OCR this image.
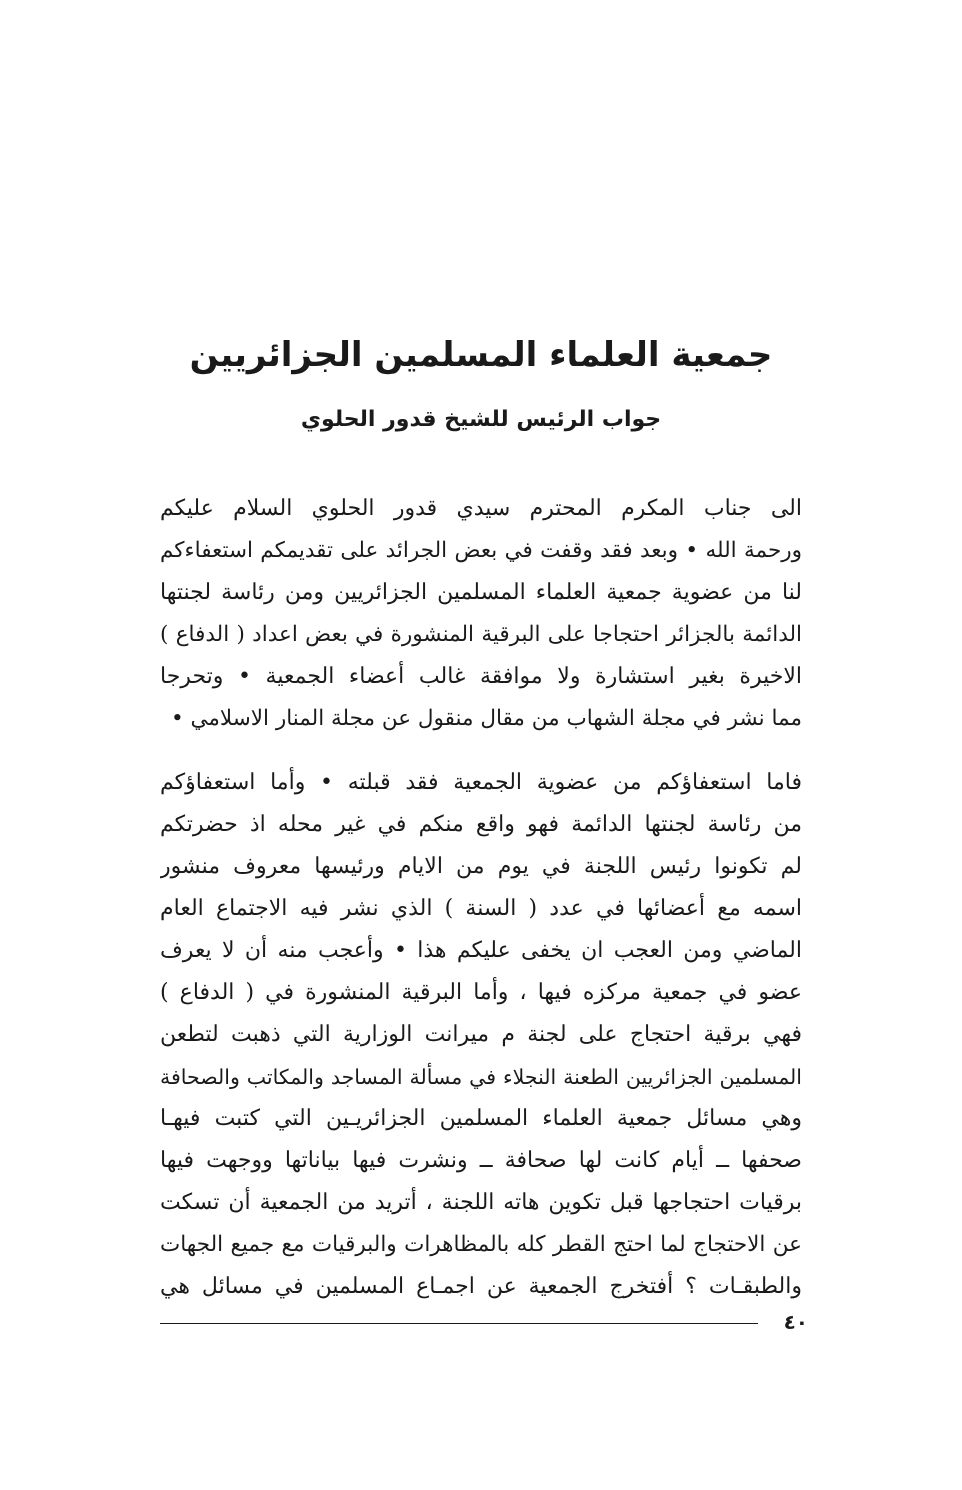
جمعية العلماء المسلمين الجزائريين
جواب الرئيس للشيخ قدور الحلوي
الى جناب المكرم المحترم سيدي قدور الحلوي السلام عليكم
ورحمة الله • وبعد فقد وقفت في بعض الجرائد على تقديمكم استعفاءكم
لنا من عضوية جمعية العلماء المسلمين الجزائريين ومن رئاسة لجنتها
الدائمة بالجزائر احتجاجا على البرقية المنشورة في بعض اعداد ( الدفاع )
الاخيرة بغير استشارة ولا موافقة غالب أعضاء الجمعية • وتحرجا
مما نشر في مجلة الشهاب من مقال منقول عن مجلة المنار الاسلامي •
فاما استعفاؤكم من عضوية الجمعية فقد قبلته • وأما استعفاؤكم
من رئاسة لجنتها الدائمة فهو واقع منكم في غير محله اذ حضرتكم
لم تكونوا رئيس اللجنة في يوم من الايام ورئيسها معروف منشور
اسمه مع أعضائها في عدد ( السنة ) الذي نشر فيه الاجتماع العام
الماضي ومن العجب ان يخفى عليكم هذا • وأعجب منه أن لا يعرف
عضو في جمعية مركزه فيها ، وأما البرقية المنشورة في ( الدفاع )
فهي برقية احتجاج على لجنة م ميرانت الوزارية التي ذهبت لتطعن
المسلمين الجزائريين الطعنة النجلاء في مسألة المساجد والمكاتب والصحافة
وهي مسائل جمعية العلماء المسلمين الجزائريـين التي كتبت فيهـا
صحفها ــ أيام كانت لها صحافة ــ ونشرت فيها بياناتها ووجهت فيها
برقيات احتجاجها قبل تكوين هاته اللجنة ، أتريد من الجمعية أن تسكت
عن الاحتجاج لما احتج القطر كله بالمظاهرات والبرقيات مع جميع الجهات
والطبقـات ؟ أفتخرج الجمعية عن اجمـاع المسلمين في مسائل هي
٤٠
